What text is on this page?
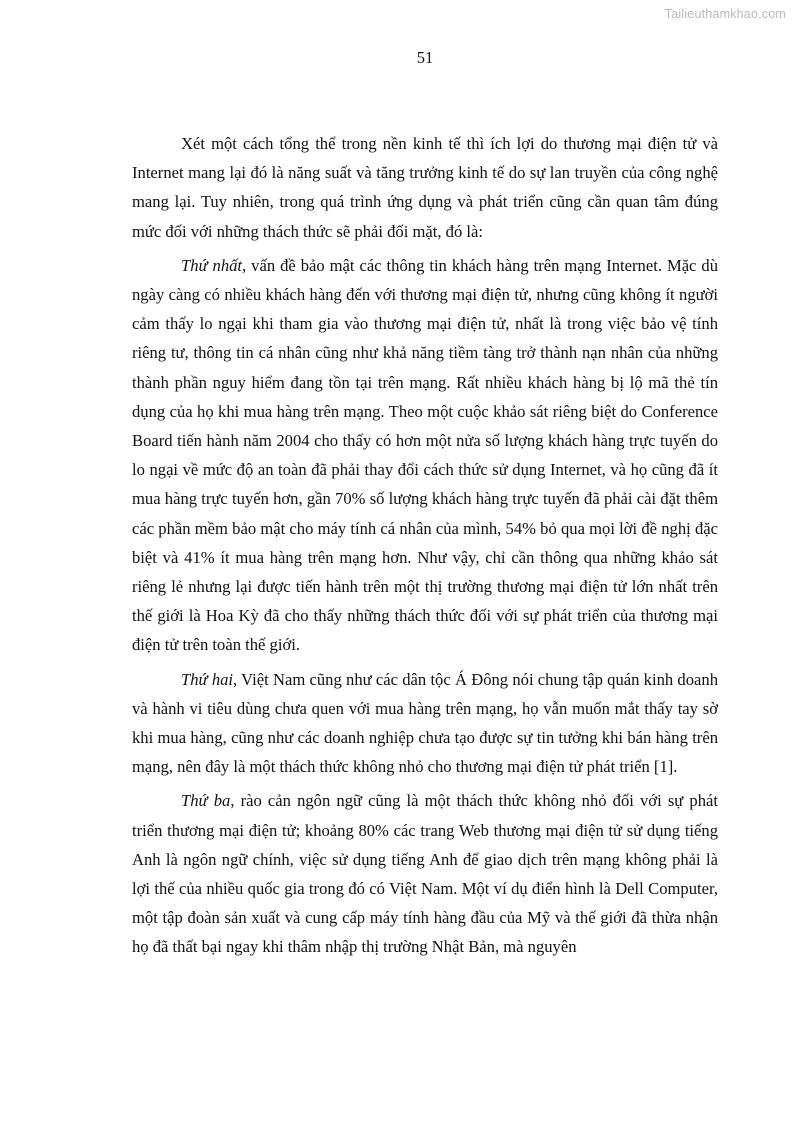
Tailieuthamkhao.com
51

Xét một cách tổng thể trong nền kinh tế thì ích lợi do thương mại điện tử và Internet mang lại đó là năng suất và tăng trưởng kinh tế do sự lan truyền của công nghệ mang lại. Tuy nhiên, trong quá trình ứng dụng và phát triển cũng cần quan tâm đúng mức đối với những thách thức sẽ phải đối mặt, đó là:

Thứ nhất, vấn đề bảo mật các thông tin khách hàng trên mạng Internet. Mặc dù ngày càng có nhiều khách hàng đến với thương mại điện tử, nhưng cũng không ít người cảm thấy lo ngại khi tham gia vào thương mại điện tử, nhất là trong việc bảo vệ tính riêng tư, thông tin cá nhân cũng như khả năng tiềm tàng trở thành nạn nhân của những thành phần nguy hiểm đang tồn tại trên mạng. Rất nhiều khách hàng bị lộ mã thẻ tín dụng của họ khi mua hàng trên mạng. Theo một cuộc khảo sát riêng biệt do Conference Board tiến hành năm 2004 cho thấy có hơn một nửa số lượng khách hàng trực tuyến do lo ngại về mức độ an toàn đã phải thay đổi cách thức sử dụng Internet, và họ cũng đã ít mua hàng trực tuyến hơn, gần 70% số lượng khách hàng trực tuyến đã phải cài đặt thêm các phần mềm bảo mật cho máy tính cá nhân của mình, 54% bỏ qua mọi lời đề nghị đặc biệt và 41% ít mua hàng trên mạng hơn. Như vậy, chỉ cần thông qua những khảo sát riêng lẻ nhưng lại được tiến hành trên một thị trường thương mại điện tử lớn nhất trên thế giới là Hoa Kỳ đã cho thấy những thách thức đối với sự phát triển của thương mại điện tử trên toàn thế giới.

Thứ hai, Việt Nam cũng như các dân tộc Á Đông nói chung tập quán kinh doanh và hành vi tiêu dùng chưa quen với mua hàng trên mạng, họ vẫn muốn mắt thấy tay sờ khi mua hàng, cũng như các doanh nghiệp chưa tạo được sự tin tưởng khi bán hàng trên mạng, nên đây là một thách thức không nhỏ cho thương mại điện tử phát triển [1].

Thứ ba, rào cản ngôn ngữ cũng là một thách thức không nhỏ đối với sự phát triển thương mại điện tử; khoảng 80% các trang Web thương mại điện tử sử dụng tiếng Anh là ngôn ngữ chính, việc sử dụng tiếng Anh để giao dịch trên mạng không phải là lợi thế của nhiều quốc gia trong đó có Việt Nam. Một ví dụ điển hình là Dell Computer, một tập đoàn sản xuất và cung cấp máy tính hàng đầu của Mỹ và thế giới đã thừa nhận họ đã thất bại ngay khi thâm nhập thị trường Nhật Bản, mà nguyên
